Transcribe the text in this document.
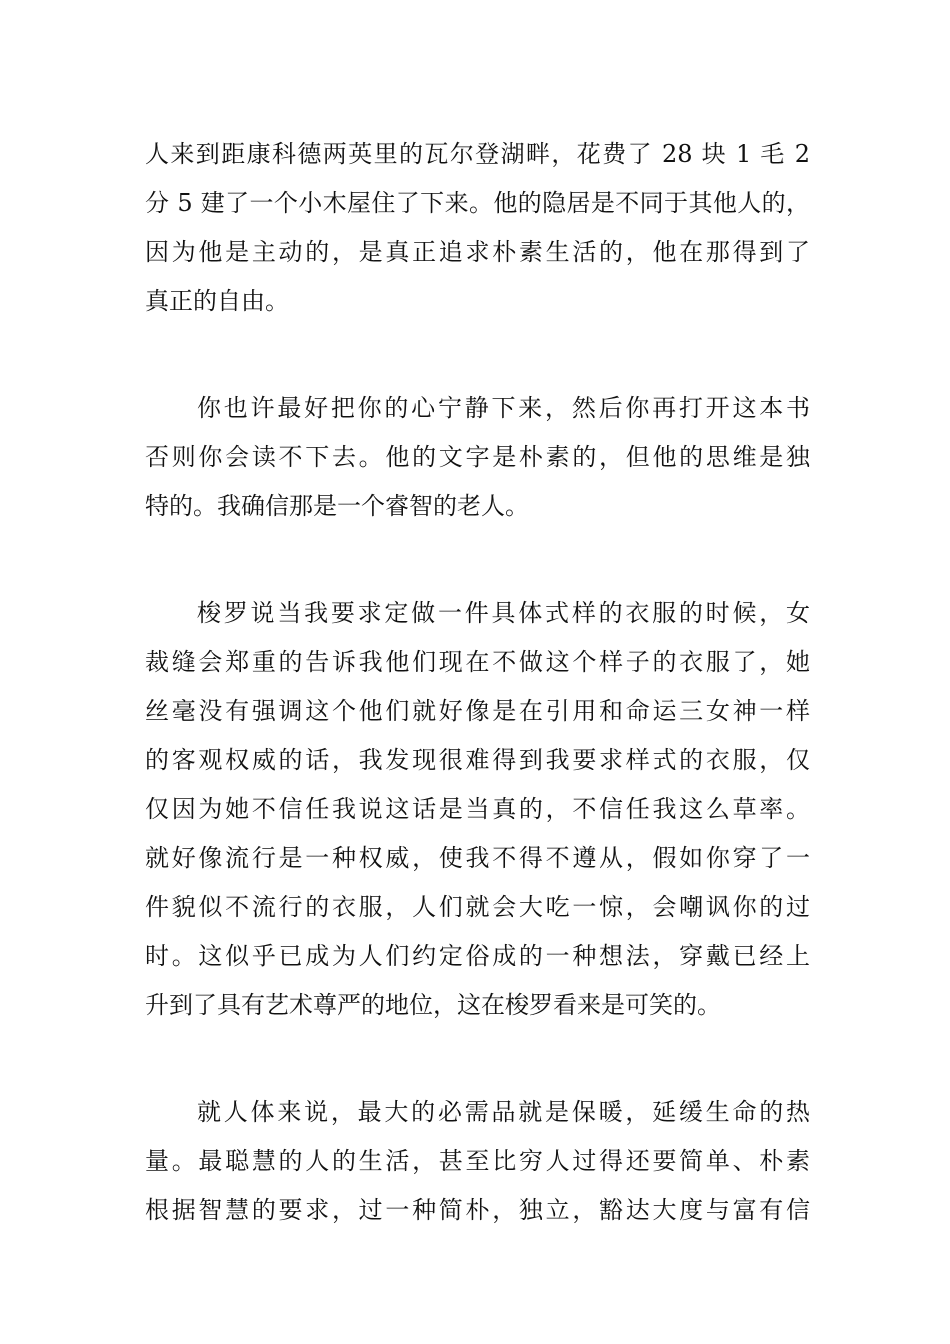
人来到距康科德两英里的瓦尔登湖畔，花费了 28 块 1 毛 2
分 5 建了一个小木屋住了下来。他的隐居是不同于其他人的，
因为他是主动的，是真正追求朴素生活的，他在那得到了
真正的自由。
你也许最好把你的心宁静下来，然后你再打开这本书
否则你会读不下去。他的文字是朴素的，但他的思维是独
特的。我确信那是一个睿智的老人。
梭罗说当我要求定做一件具体式样的衣服的时候，女
裁缝会郑重的告诉我他们现在不做这个样子的衣服了，她
丝毫没有强调这个他们就好像是在引用和命运三女神一样
的客观权威的话，我发现很难得到我要求样式的衣服，仅
仅因为她不信任我说这话是当真的，不信任我这么草率。
就好像流行是一种权威，使我不得不遵从，假如你穿了一
件貌似不流行的衣服，人们就会大吃一惊，会嘲讽你的过
时。这似乎已成为人们约定俗成的一种想法，穿戴已经上
升到了具有艺术尊严的地位，这在梭罗看来是可笑的。
就人体来说，最大的必需品就是保暖，延缓生命的热
量。最聪慧的人的生活，甚至比穷人过得还要简单、朴素
根据智慧的要求，过一种简朴，独立，豁达大度与富有信
